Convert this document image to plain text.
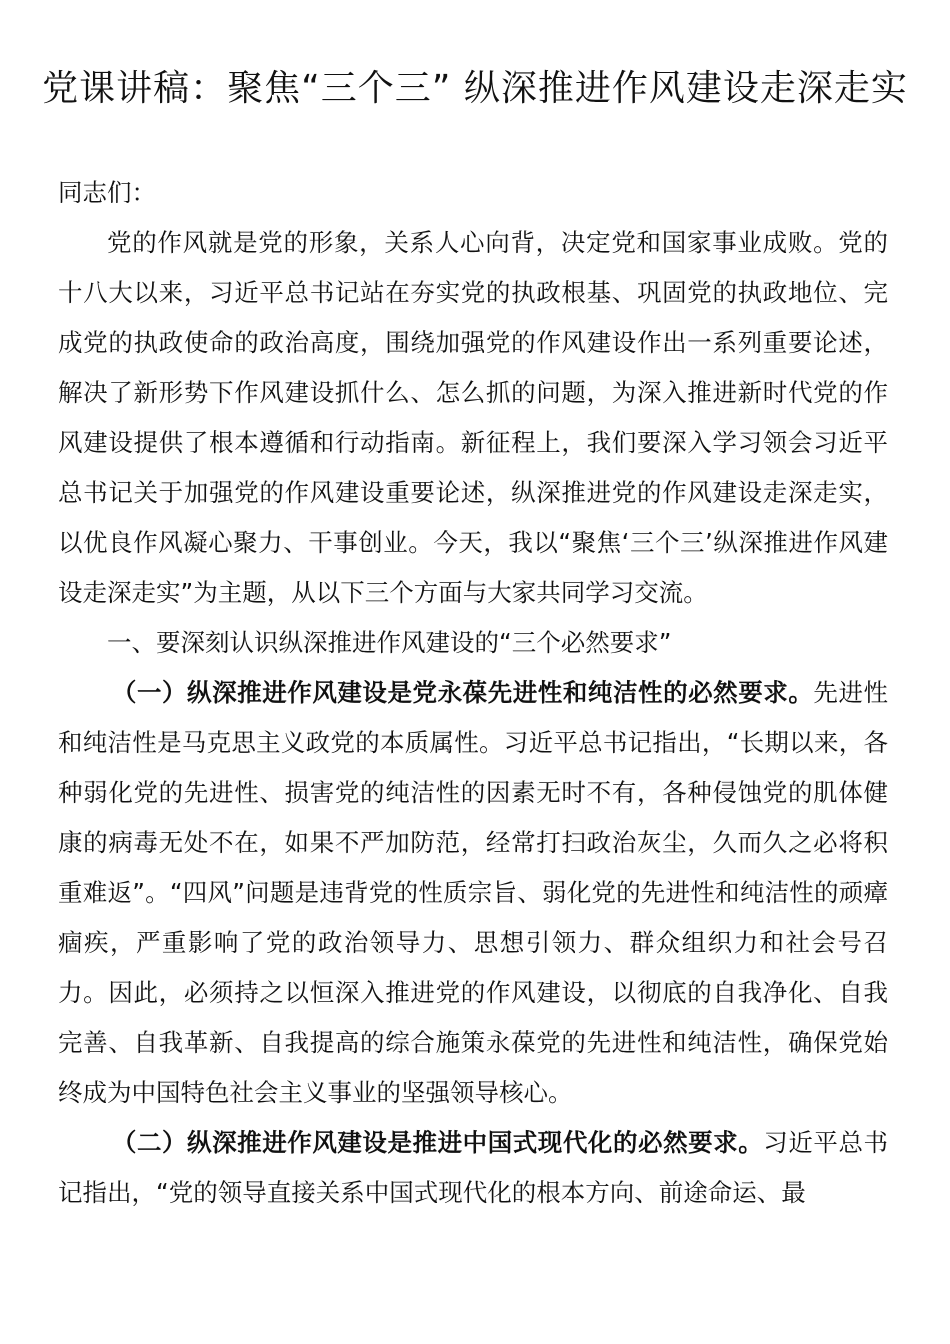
党课讲稿：聚焦“三个三” 纵深推进作风建设走深走实

同志们：

党的作风就是党的形象，关系人心向背，决定党和国家事业成败。党的十八大以来，习近平总书记站在夯实党的执政根基、巩固党的执政地位、完成党的执政使命的政治高度，围绕加强党的作风建设作出一系列重要论述，解决了新形势下作风建设抓什么、怎么抓的问题，为深入推进新时代党的作风建设提供了根本遵循和行动指南。新征程上，我们要深入学习领会习近平总书记关于加强党的作风建设重要论述，纵深推进党的作风建设走深走实，以优良作风凝心聚力、干事创业。今天，我以“聚焦‘三个三’纵深推进作风建设走深走实”为主题，从以下三个方面与大家共同学习交流。

一、要深刻认识纵深推进作风建设的“三个必然要求”

（一）纵深推进作风建设是党永葆先进性和纯洁性的必然要求。先进性和纯洁性是马克思主义政党的本质属性。习近平总书记指出，“长期以来，各种弱化党的先进性、损害党的纯洁性的因素无时不有，各种侵蚀党的肌体健康的病毒无处不在，如果不严加防范，经常打扫政治灰尘，久而久之必将积重难返”。“四风”问题是违背党的性质宗旨、弱化党的先进性和纯洁性的顽瘴痼疾，严重影响了党的政治领导力、思想引领力、群众组织力和社会号召力。因此，必须持之以恒深入推进党的作风建设，以彻底的自我净化、自我完善、自我革新、自我提高的综合施策永葆党的先进性和纯洁性，确保党始终成为中国特色社会主义事业的坚强领导核心。

（二）纵深推进作风建设是推进中国式现代化的必然要求。习近平总书记指出，“党的领导直接关系中国式现代化的根本方向、前途命运、最
